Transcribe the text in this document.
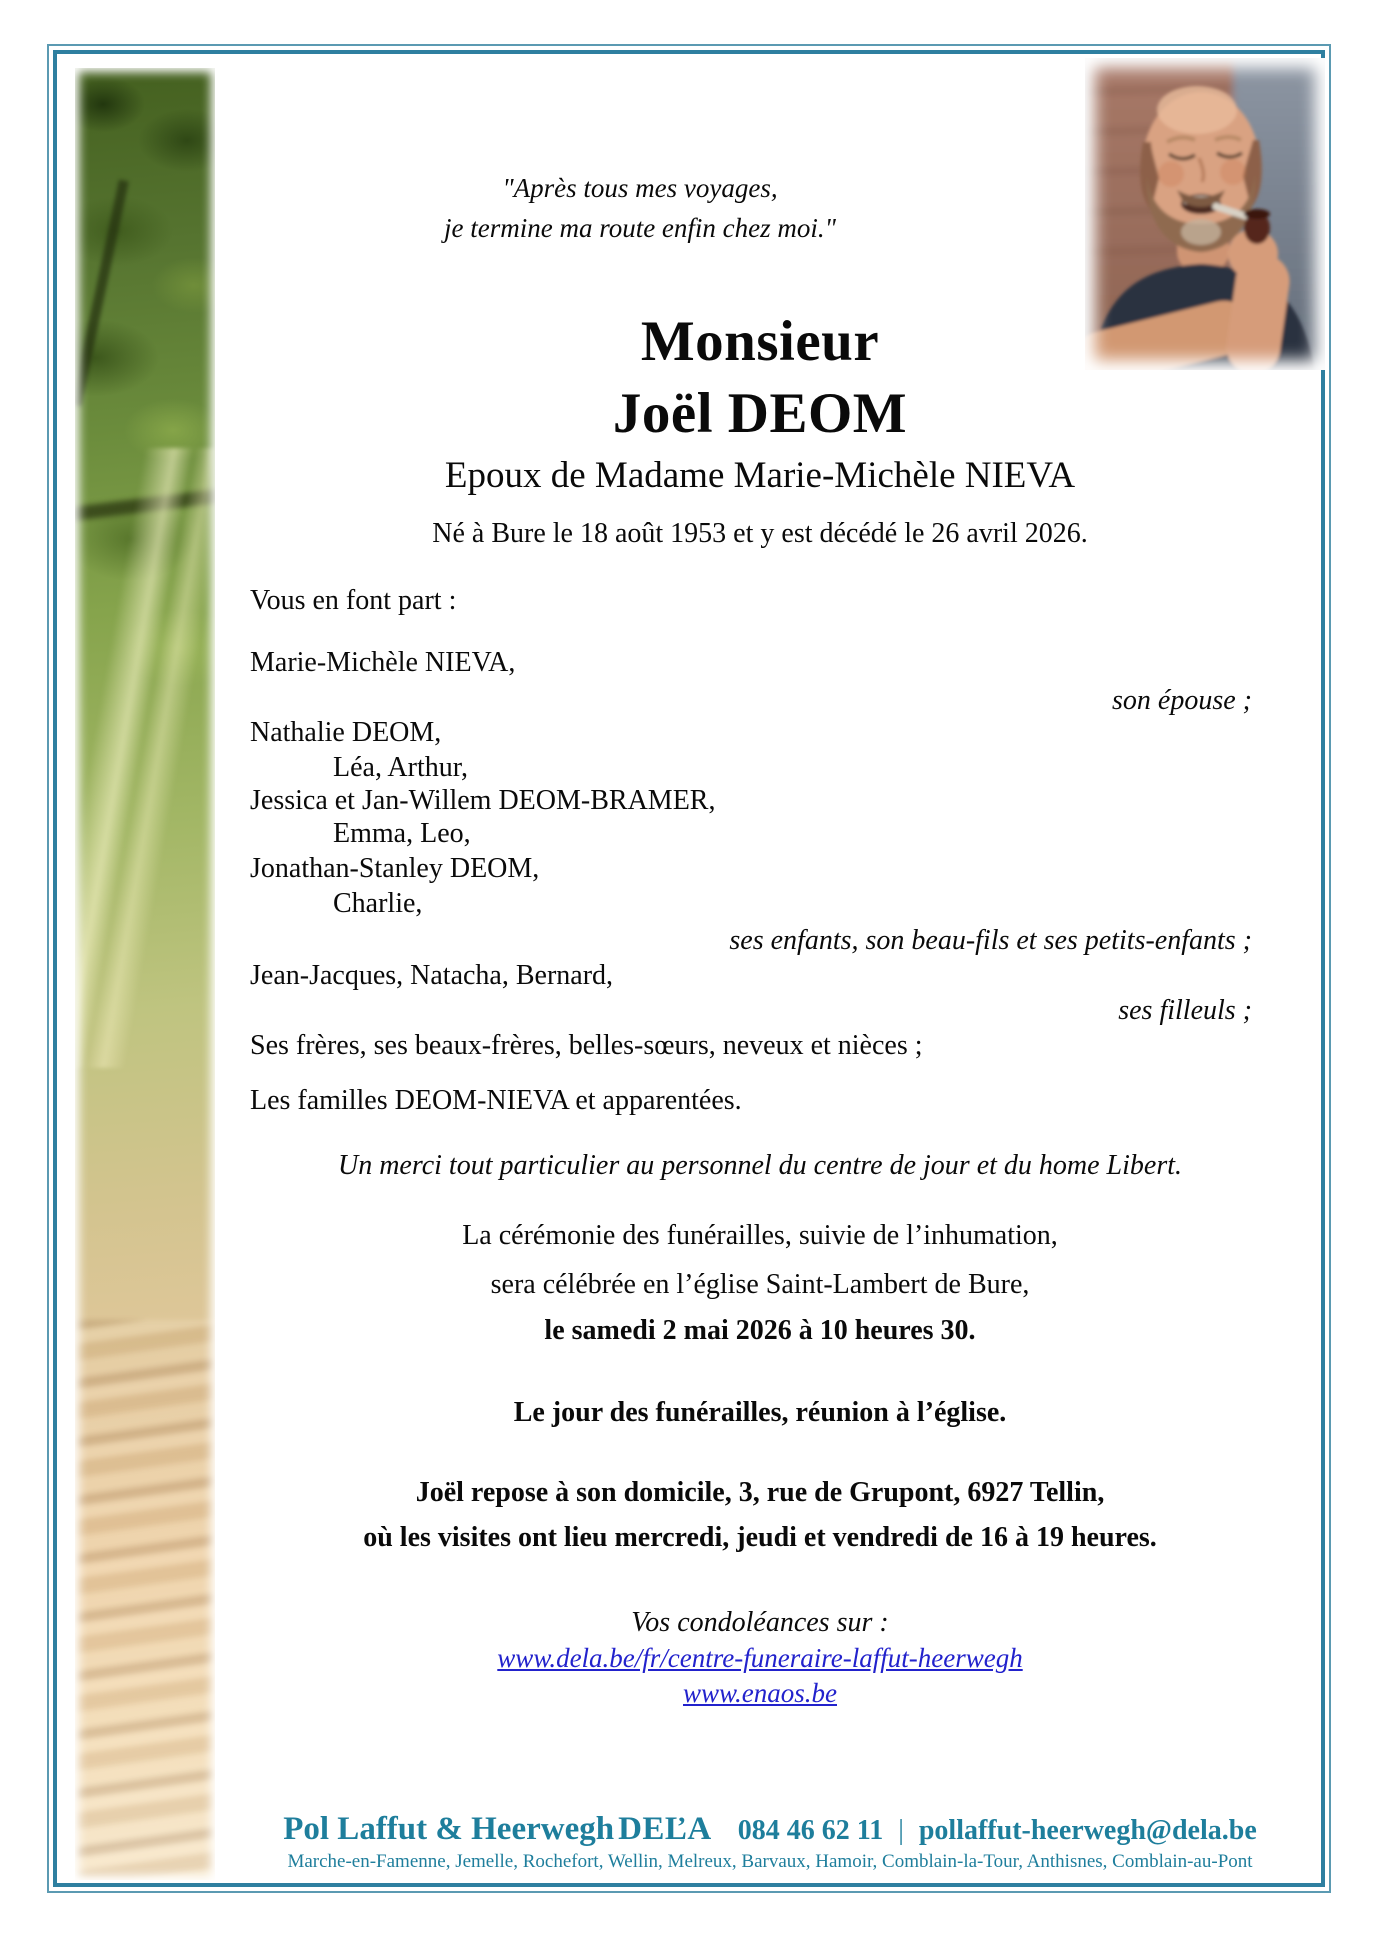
"Après tous mes voyages,
je termine ma route enfin chez moi."
Monsieur
Joël DEOM
Epoux de Madame Marie-Michèle NIEVA
Né à Bure le 18 août 1953 et y est décédé le 26 avril 2026.
Vous en font part :
Marie-Michèle NIEVA,
son épouse ;
Nathalie DEOM,
Léa, Arthur,
Jessica et Jan-Willem DEOM-BRAMER,
Emma, Leo,
Jonathan-Stanley DEOM,
Charlie,
ses enfants, son beau-fils et ses petits-enfants ;
Jean-Jacques, Natacha, Bernard,
ses filleuls ;
Ses frères, ses beaux-frères, belles-sœurs, neveux et nièces ;
Les familles DEOM-NIEVA et apparentées.
Un merci tout particulier au personnel du centre de jour et du home Libert.
La cérémonie des funérailles, suivie de l’inhumation,
sera célébrée en l’église Saint-Lambert de Bure,
le samedi 2 mai 2026 à 10 heures 30.
Le jour des funérailles, réunion à l’église.
Joël repose à son domicile, 3, rue de Grupont, 6927 Tellin,
où les visites ont lieu mercredi, jeudi et vendredi de 16 à 19 heures.
Vos condoléances sur :
www.dela.be/fr/centre-funeraire-laffut-heerwegh
www.enaos.be
Pol Laffut & Heerwegh DEĽA 084 46 62 11 | pollaffut-heerwegh@dela.be
Marche-en-Famenne, Jemelle, Rochefort, Wellin, Melreux, Barvaux, Hamoir, Comblain-la-Tour, Anthisnes, Comblain-au-Pont
